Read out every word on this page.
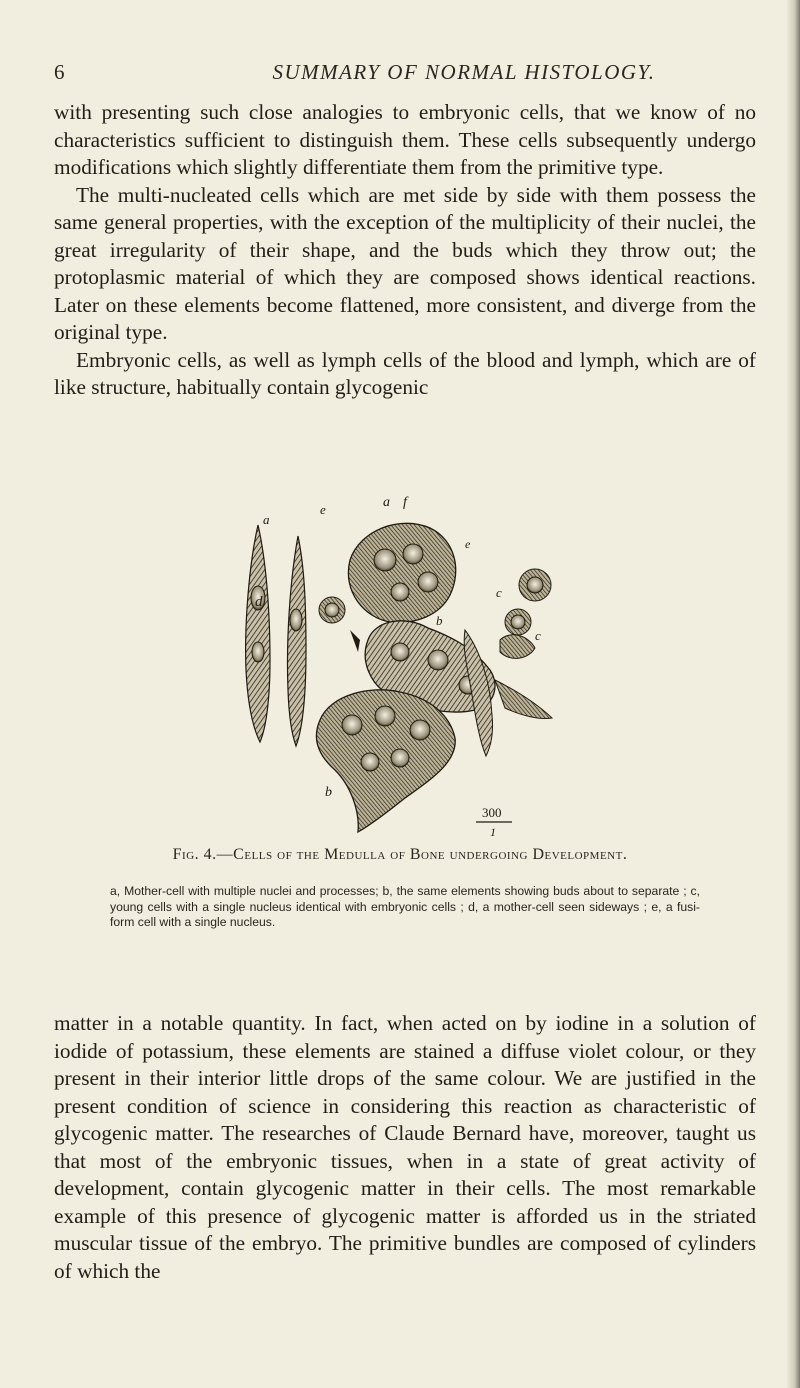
6	SUMMARY OF NORMAL HISTOLOGY.

with presenting such close analogies to embryonic cells, that we know of no characteristics sufficient to distinguish them. These cells subsequently undergo modifications which slightly differentiate them from the primitive type.

The multi-nucleated cells which are met side by side with them possess the same general properties, with the exception of the multiplicity of their nuclei, the great irregularity of their shape, and the buds which they throw out; the protoplasmic material of which they are composed shows identical reactions. Later on these elements become flattened, more consistent, and diverge from the original type.

Embryonic cells, as well as lymph cells of the blood and lymph, which are of like structure, habitually contain glycogenic

d
a
e	a f
b
c
c
e
b
300
1
Fig. 4.—Cells of the Medulla of Bone undergoing Development.
a, Mother-cell with multiple nuclei and processes; b, the same elements showing buds about to separate ; c, young cells with a single nucleus identical with embryonic cells ; d, a mother-cell seen sideways ; e, a fusi-form cell with a single nucleus.

matter in a notable quantity. In fact, when acted on by iodine in a solution of iodide of potassium, these elements are stained a diffuse violet colour, or they present in their interior little drops of the same colour. We are justified in the present condition of science in considering this reaction as characteristic of glycogenic matter. The researches of Claude Bernard have, moreover, taught us that most of the embryonic tissues, when in a state of great activity of development, contain glycogenic matter in their cells. The most remarkable example of this presence of glycogenic matter is afforded us in the striated muscular tissue of the embryo. The primitive bundles are composed of cylinders of which the
